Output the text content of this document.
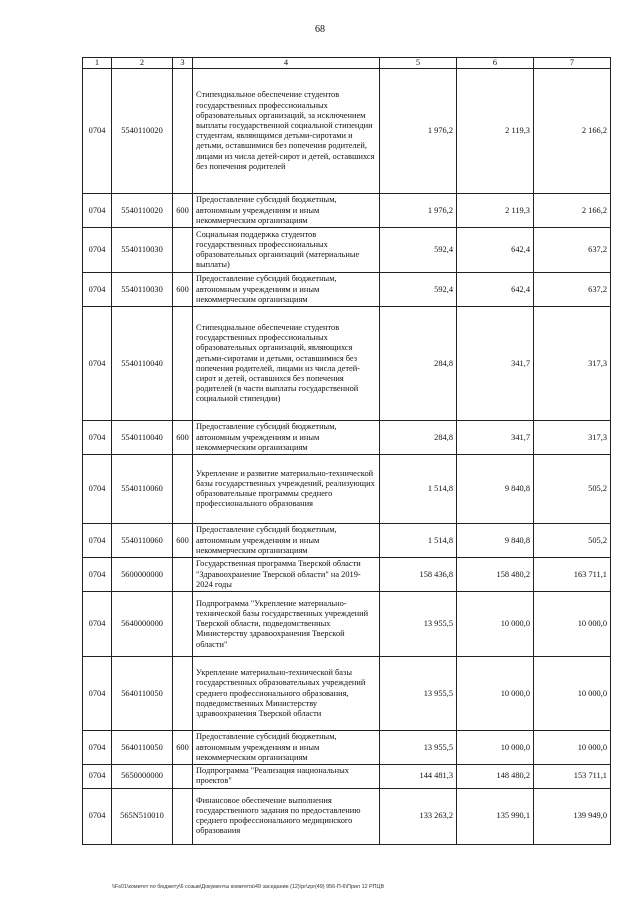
68
1	2	3	4	5	6	7
0704	5540110020		Стипендиальное обеспечение студентов государственных профессиональных образовательных организаций, за исключением выплаты государственной социальной стипендии студентам, являющимся детьми-сиротами и детьми, оставшимися без попечения родителей, лицами из числа детей-сирот и детей, оставшихся без попечения родителей	1 976,2	2 119,3	2 166,2
0704	5540110020	600	Предоставление субсидий бюджетным, автономным учреждениям и иным некоммерческим организациям	1 976,2	2 119,3	2 166,2
0704	5540110030		Социальная поддержка студентов государственных профессиональных образовательных организаций (материальные выплаты)	592,4	642,4	637,2
0704	5540110030	600	Предоставление субсидий бюджетным, автономным учреждениям и иным некоммерческим организациям	592,4	642,4	637,2
0704	5540110040		Стипендиальное обеспечение студентов государственных профессиональных образовательных организаций, являющихся детьми-сиротами и детьми, оставшимися без попечения родителей, лицами из числа детей-сирот и детей, оставшихся без попечения родителей (в части выплаты государственной социальной стипендии)	284,8	341,7	317,3
0704	5540110040	600	Предоставление субсидий бюджетным, автономным учреждениям и иным некоммерческим организациям	284,8	341,7	317,3
0704	5540110060		Укрепление и развитие материально-технической базы государственных учреждений, реализующих образовательные программы среднего профессионального образования	1 514,8	9 840,8	505,2
0704	5540110060	600	Предоставление субсидий бюджетным, автономным учреждениям и иным некоммерческим организациям	1 514,8	9 840,8	505,2
0704	5600000000		Государственная программа Тверской области "Здравоохранение Тверской области" на 2019-2024 годы	158 436,8	158 480,2	163 711,1
0704	5640000000		Подпрограмма "Укрепление материально-технической базы государственных учреждений Тверской области, подведомственных Министерству здравоохранения Тверской области"	13 955,5	10 000,0	10 000,0
0704	5640110050		Укрепление материально-технической базы государственных образовательных учреждений среднего профессионального образования, подведомственных Министерству здравоохранения Тверской области	13 955,5	10 000,0	10 000,0
0704	5640110050	600	Предоставление субсидий бюджетным, автономным учреждениям и иным некоммерческим организациям	13 955,5	10 000,0	10 000,0
0704	5650000000		Подпрограмма "Реализация национальных проектов"	144 481,3	148 480,2	153 711,1
0704	565N510010		Финансовое обеспечение выполнения государственного задания по предоставлению среднего профессионального медицинского образования	133 263,2	135 990,1	139 949,0
\\Fs01\комитет по бюджету\6 созыв\Документы комитета\49 заседание (12)\pr\zpr(49) 956-П-6\Прил 12 РПЦВ
